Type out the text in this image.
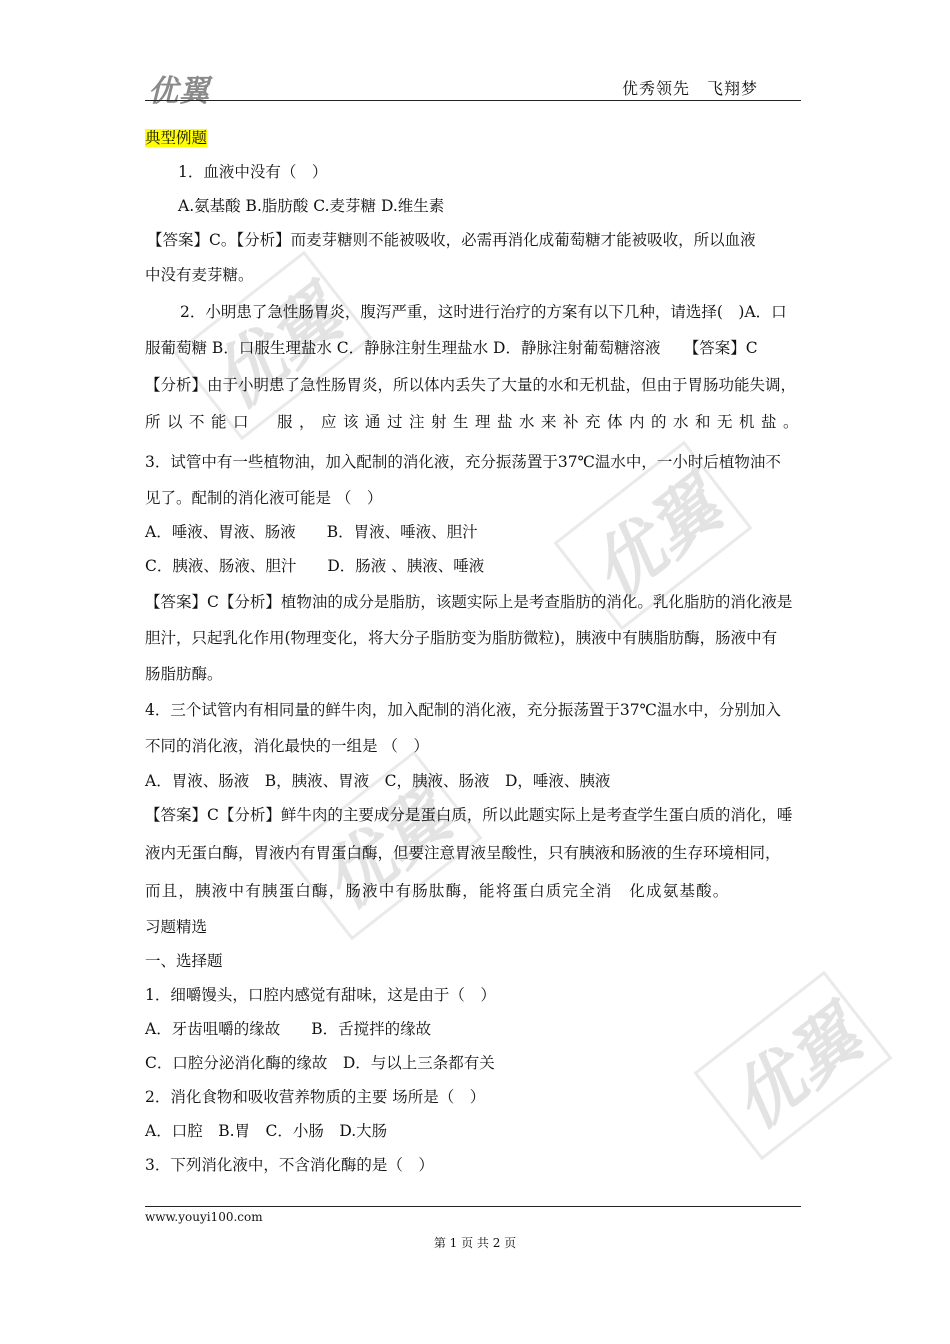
优翼	优秀领先　飞翔梦
优翼
优翼
优翼
优翼
典型例题
1．血液中没有（　）
A.氨基酸 B.脂肪酸 C.麦芽糖 D.维生素
【答案】C。【分析】而麦芽糖则不能被吸收，必需再消化成葡萄糖才能被吸收，所以血液
中没有麦芽糖。
2．小明患了急性肠胃炎，腹泻严重，这时进行治疗的方案有以下几种，请选择(　)A．口
服葡萄糖 B．口服生理盐水 C．静脉注射生理盐水 D．静脉注射葡萄糖溶液　　【答案】C
【分析】由于小明患了急性肠胃炎，所以体内丢失了大量的水和无机盐，但由于胃肠功能失调，
所以不能口　服，应该通过注射生理盐水来补充体内的水和无机盐。
3．试管中有一些植物油，加入配制的消化液，充分振荡置于37℃温水中，一小时后植物油不
见了。配制的消化液可能是 （　）
A．唾液、胃液、肠液　　B．胃液、唾液、胆汁
C．胰液、肠液、胆汁　　D．肠液 、胰液、唾液
【答案】C【分析】植物油的成分是脂肪，该题实际上是考查脂肪的消化。乳化脂肪的消化液是
胆汁，只起乳化作用(物理变化，将大分子脂肪变为脂肪微粒)，胰液中有胰脂肪酶，肠液中有
肠脂肪酶。
4．三个试管内有相同量的鲜牛肉，加入配制的消化液，充分振荡置于37℃温水中，分别加入
不同的消化液，消化最快的一组是 （　）
A．胃液、肠液　B，胰液、胃液　C，胰液、肠液　D，唾液、胰液
【答案】C【分析】鲜牛肉的主要成分是蛋白质，所以此题实际上是考查学生蛋白质的消化，唾
液内无蛋白酶，胃液内有胃蛋白酶，但要注意胃液呈酸性，只有胰液和肠液的生存环境相同，
而且，胰液中有胰蛋白酶，肠液中有肠肽酶，能将蛋白质完全消　化成氨基酸。
习题精选
一、选择题
1．细嚼馒头，口腔内感觉有甜味，这是由于（　）
A．牙齿咀嚼的缘故　　B．舌搅拌的缘故
C．口腔分泌消化酶的缘故　D．与以上三条都有关
2．消化食物和吸收营养物质的主要 场所是（　）
A．口腔　B.胃　C．小肠　D.大肠
3．下列消化液中，不含消化酶的是（　）
www.youyi100.com
第 1 页 共 2 页
